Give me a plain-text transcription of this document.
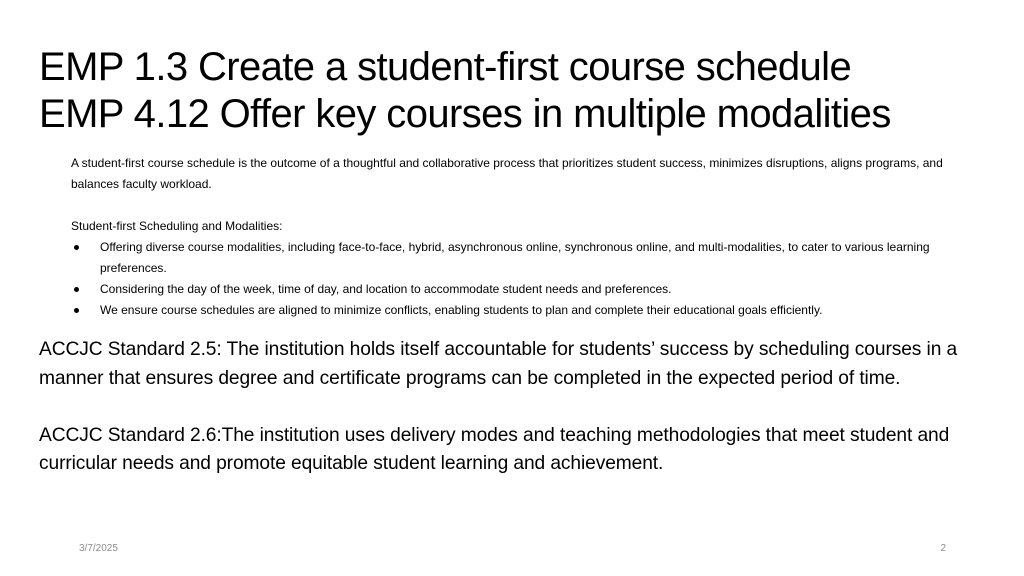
EMP 1.3 Create a student-first course schedule
EMP 4.12 Offer key courses in multiple modalities
A student-first course schedule is the outcome of a thoughtful and collaborative process that prioritizes student success, minimizes disruptions, aligns programs, and balances faculty workload.
Student-first Scheduling and Modalities:
Offering diverse course modalities, including face-to-face, hybrid, asynchronous online, synchronous online, and multi-modalities, to cater to various learning preferences.
Considering the day of the week, time of day, and location to accommodate student needs and preferences.
We ensure course schedules are aligned to minimize conflicts, enabling students to plan and complete their educational goals efficiently.
ACCJC Standard 2.5: The institution holds itself accountable for students’ success by scheduling courses in a manner that ensures degree and certificate programs can be completed in the expected period of time.
ACCJC Standard 2.6:The institution uses delivery modes and teaching methodologies that meet student and curricular needs and promote equitable student learning and achievement.
3/7/2025	2
